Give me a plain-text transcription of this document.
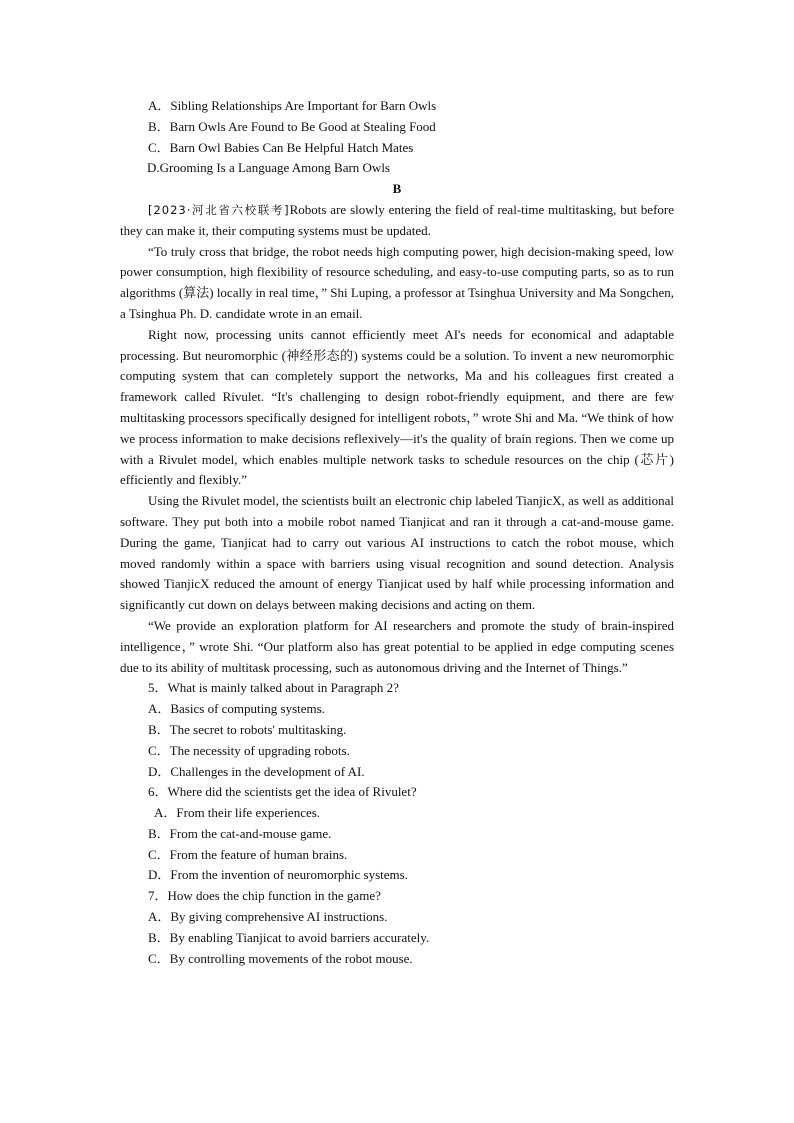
A．Sibling Relationships Are Important for Barn Owls

B．Barn Owls Are Found to Be Good at Stealing Food

C．Barn Owl Babies Can Be Helpful Hatch Mates

D.Grooming Is a Language Among Barn Owls

B

[2023·河北省六校联考]Robots are slowly entering the field of real-time multitasking, but before they can make it, their computing systems must be updated.

“To truly cross that bridge, the robot needs high computing power, high decision-making speed, low power consumption, high flexibility of resource scheduling, and easy-to-use computing parts, so as to run algorithms (算法) locally in real time，” Shi Luping, a professor at Tsinghua University and Ma Songchen, a Tsinghua Ph. D. candidate wrote in an email.

Right now, processing units cannot efficiently meet AI's needs for economical and adaptable processing. But neuromorphic (神经形态的) systems could be a solution. To invent a new neuromorphic computing system that can completely support the networks, Ma and his colleagues first created a framework called Rivulet. “It's challenging to design robot-friendly equipment, and there are few multitasking processors specifically designed for intelligent robots，” wrote Shi and Ma. “We think of how we process information to make decisions reflexively—it's the quality of brain regions. Then we come up with a Rivulet model, which enables multiple network tasks to schedule resources on the chip (芯片) efficiently and flexibly.”

Using the Rivulet model, the scientists built an electronic chip labeled TianjicX, as well as additional software. They put both into a mobile robot named Tianjicat and ran it through a cat-and-mouse game. During the game, Tianjicat had to carry out various AI instructions to catch the robot mouse, which moved randomly within a space with barriers using visual recognition and sound detection. Analysis showed TianjicX reduced the amount of energy Tianjicat used by half while processing information and significantly cut down on delays between making decisions and acting on them.

“We provide an exploration platform for AI researchers and promote the study of brain-inspired intelligence，” wrote Shi. “Our platform also has great potential to be applied in edge computing scenes due to its ability of multitask processing, such as autonomous driving and the Internet of Things.”

5．What is mainly talked about in Paragraph 2?

A．Basics of computing systems.

B．The secret to robots' multitasking.

C．The necessity of upgrading robots.

D．Challenges in the development of AI.

6．Where did the scientists get the idea of Rivulet?

A．From their life experiences.

B．From the cat-and-mouse game.

C．From the feature of human brains.

D．From the invention of neuromorphic systems.

7．How does the chip function in the game?

A．By giving comprehensive AI instructions.

B．By enabling Tianjicat to avoid barriers accurately.

C．By controlling movements of the robot mouse.
